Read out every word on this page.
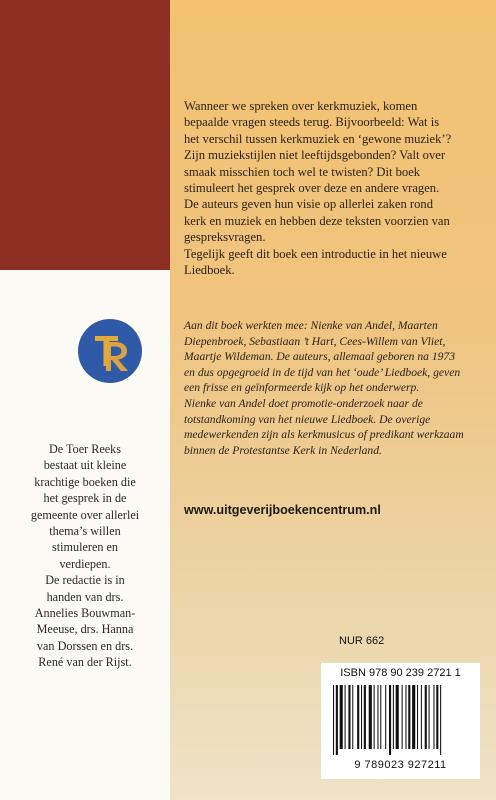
De Toer Reeks

bestaat uit kleine

krachtige boeken die

het gesprek in de

gemeente over allerlei

thema’s willen

stimuleren en

verdiepen.

De redactie is in

handen van drs.

Annelies Bouwman-

Meeuse, drs. Hanna

van Dorssen en drs.

René van der Rijst.

Wanneer we spreken over kerkmuziek, komen

bepaalde vragen steeds terug. Bijvoorbeeld: Wat is

het verschil tussen kerkmuziek en ‘gewone muziek’?

Zijn muziekstijlen niet leeftijdsgebonden? Valt over

smaak misschien toch wel te twisten? Dit boek

stimuleert het gesprek over deze en andere vragen.

De auteurs geven hun visie op allerlei zaken rond

kerk en muziek en hebben deze teksten voorzien van

gespreksvragen.

Tegelijk geeft dit boek een introductie in het nieuwe

Liedboek.

Aan dit boek werkten mee: Nienke van Andel, Maarten

Diepenbroek, Sebastiaan ’t Hart, Cees-Willem van Vliet,

Maartje Wildeman. De auteurs, allemaal geboren na 1973

en dus opgegroeid in de tijd van het ‘oude’ Liedboek, geven

een frisse en geïnformeerde kijk op het onderwerp.

Nienke van Andel doet promotie-onderzoek naar de

totstandkoming van het nieuwe Liedboek. De overige

medewerkenden zijn als kerkmusicus of predikant werkzaam

binnen de Protestantse Kerk in Nederland.

www.uitgeverijboekencentrum.nl
NUR 662
ISBN 978 90 239 2721 1
9 789023 927211
